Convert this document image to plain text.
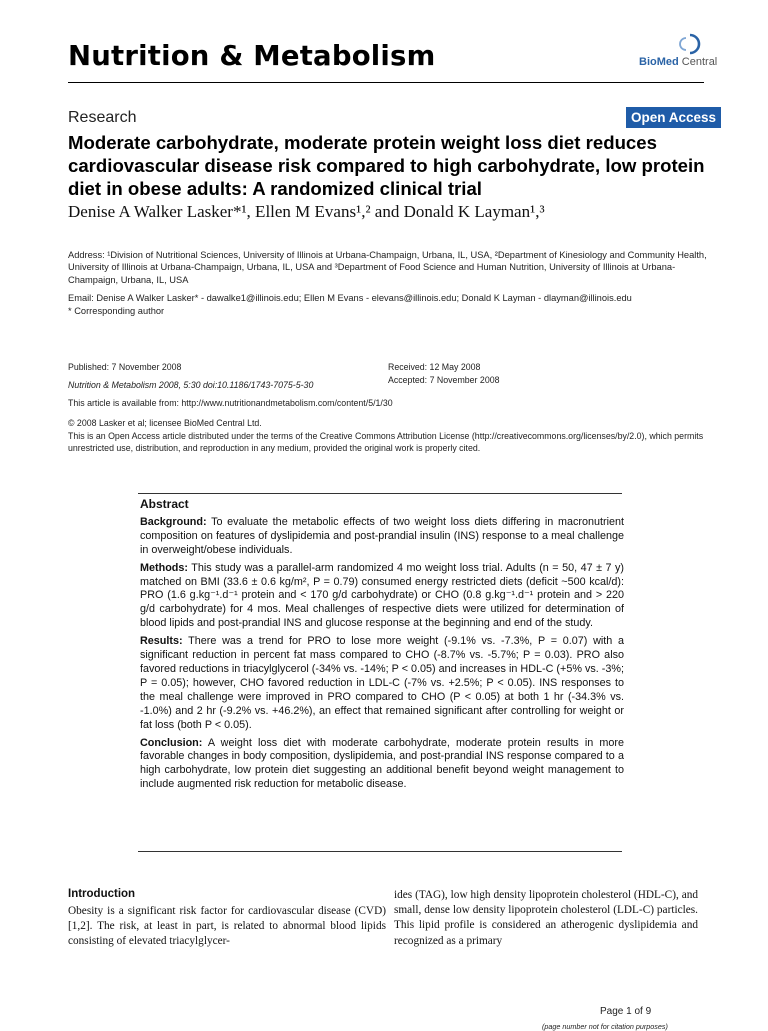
Nutrition & Metabolism	BioMed Central
Research	Open Access
Moderate carbohydrate, moderate protein weight loss diet reduces cardiovascular disease risk compared to high carbohydrate, low protein diet in obese adults: A randomized clinical trial
Denise A Walker Lasker*¹, Ellen M Evans¹,² and Donald K Layman¹,³
Address: ¹Division of Nutritional Sciences, University of Illinois at Urbana-Champaign, Urbana, IL, USA, ²Department of Kinesiology and Community Health, University of Illinois at Urbana-Champaign, Urbana, IL, USA and ³Department of Food Science and Human Nutrition, University of Illinois at Urbana-Champaign, Urbana, IL, USA
Email: Denise A Walker Lasker* - dawalke1@illinois.edu; Ellen M Evans - elevans@illinois.edu; Donald K Layman - dlayman@illinois.edu
* Corresponding author
Published: 7 November 2008
Nutrition & Metabolism 2008, 5:30 doi:10.1186/1743-7075-5-30
Received: 12 May 2008
Accepted: 7 November 2008
This article is available from: http://www.nutritionandmetabolism.com/content/5/1/30
© 2008 Lasker et al; licensee BioMed Central Ltd.
This is an Open Access article distributed under the terms of the Creative Commons Attribution License (http://creativecommons.org/licenses/by/2.0), which permits unrestricted use, distribution, and reproduction in any medium, provided the original work is properly cited.

Abstract

Background: To evaluate the metabolic effects of two weight loss diets differing in macronutrient composition on features of dyslipidemia and post-prandial insulin (INS) response to a meal challenge in overweight/obese individuals.

Methods: This study was a parallel-arm randomized 4 mo weight loss trial. Adults (n = 50, 47 ± 7 y) matched on BMI (33.6 ± 0.6 kg/m², P = 0.79) consumed energy restricted diets (deficit ~500 kcal/d): PRO (1.6 g.kg⁻¹.d⁻¹ protein and < 170 g/d carbohydrate) or CHO (0.8 g.kg⁻¹.d⁻¹ protein and > 220 g/d carbohydrate) for 4 mos. Meal challenges of respective diets were utilized for determination of blood lipids and post-prandial INS and glucose response at the beginning and end of the study.

Results: There was a trend for PRO to lose more weight (-9.1% vs. -7.3%, P = 0.07) with a significant reduction in percent fat mass compared to CHO (-8.7% vs. -5.7%; P = 0.03). PRO also favored reductions in triacylglycerol (-34% vs. -14%; P < 0.05) and increases in HDL-C (+5% vs. -3%; P = 0.05); however, CHO favored reduction in LDL-C (-7% vs. +2.5%; P < 0.05). INS responses to the meal challenge were improved in PRO compared to CHO (P < 0.05) at both 1 hr (-34.3% vs. -1.0%) and 2 hr (-9.2% vs. +46.2%), an effect that remained significant after controlling for weight or fat loss (both P < 0.05).

Conclusion: A weight loss diet with moderate carbohydrate, moderate protein results in more favorable changes in body composition, dyslipidemia, and post-prandial INS response compared to a high carbohydrate, low protein diet suggesting an additional benefit beyond weight management to include augmented risk reduction for metabolic disease.

Introduction
Obesity is a significant risk factor for cardiovascular disease (CVD) [1,2]. The risk, at least in part, is related to abnormal blood lipids consisting of elevated triacylglycer-
ides (TAG), low high density lipoprotein cholesterol (HDL-C), and small, dense low density lipoprotein cholesterol (LDL-C) particles. This lipid profile is considered an atherogenic dyslipidemia and recognized as a primary
Page 1 of 9
(page number not for citation purposes)
